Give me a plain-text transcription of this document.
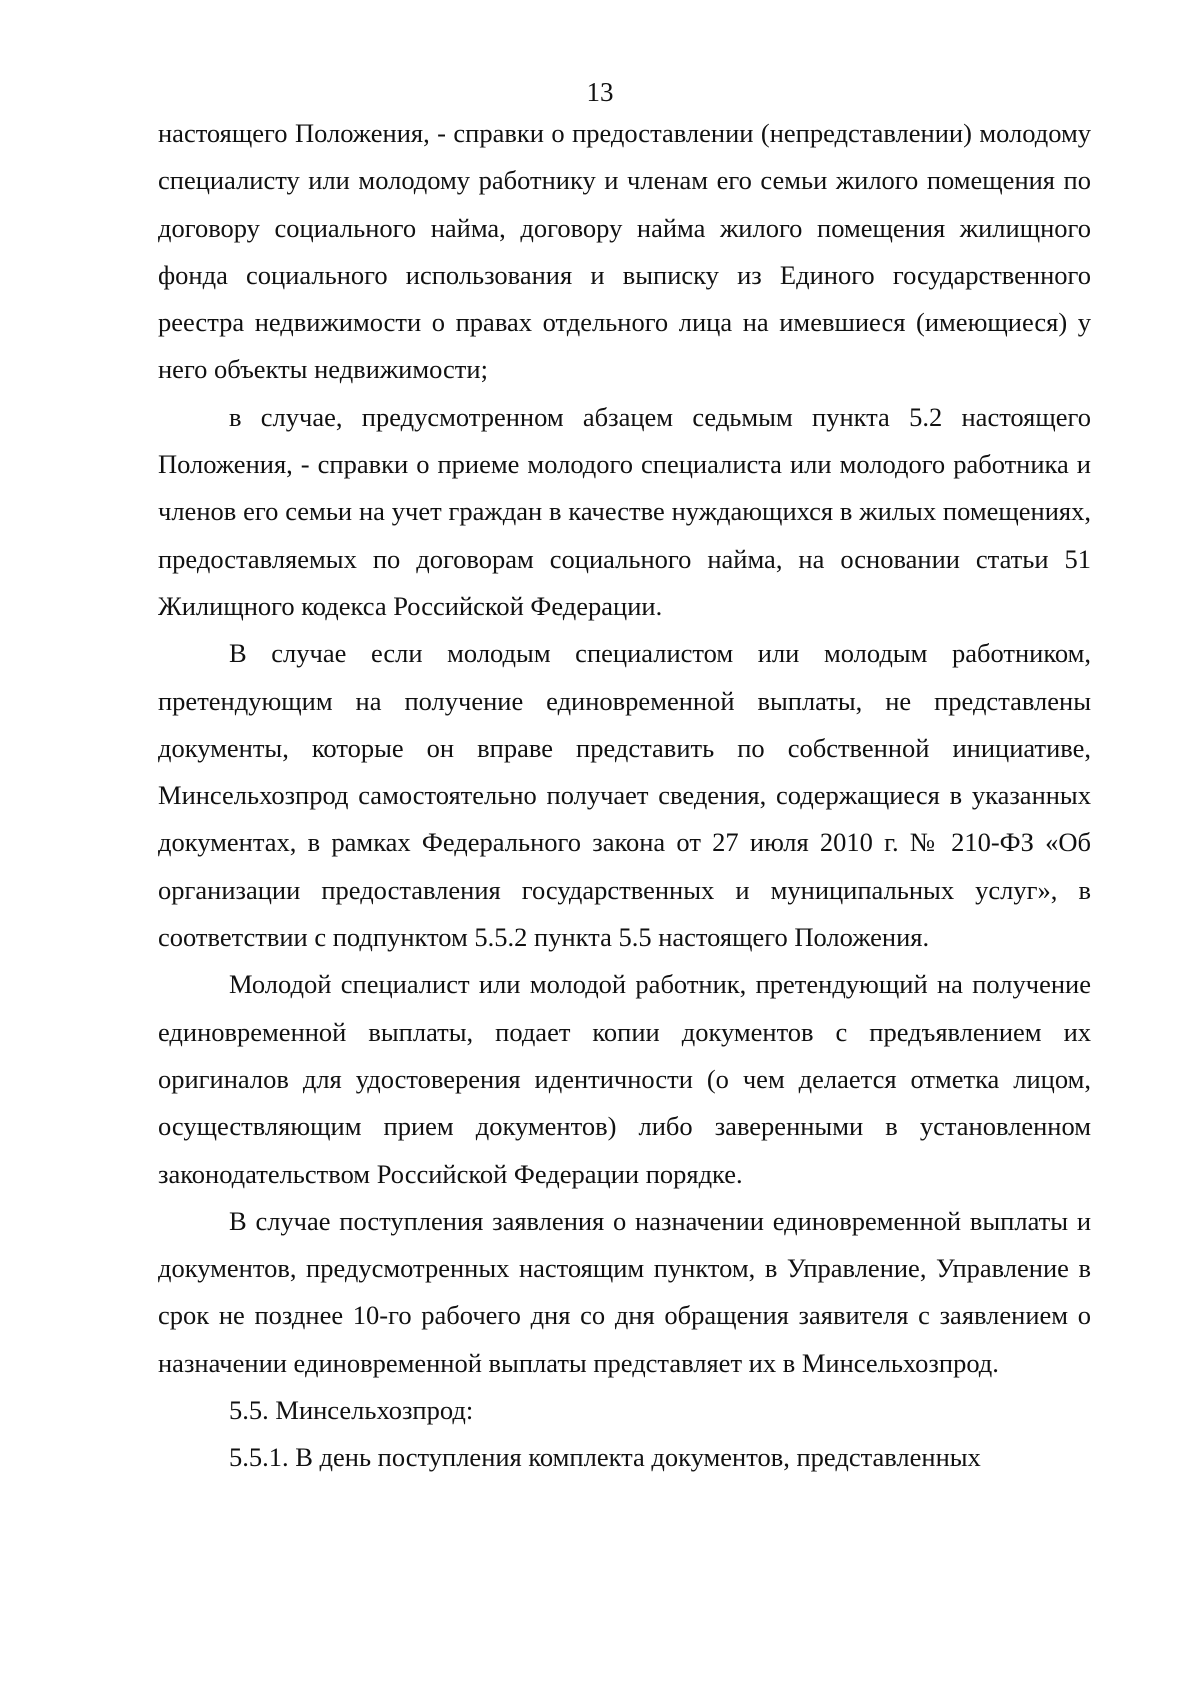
13

настоящего Положения, - справки о предоставлении (непредставлении) молодому специалисту или молодому работнику и членам его семьи жилого помещения по договору социального найма, договору найма жилого помещения жилищного фонда социального использования и выписку из Единого государственного реестра недвижимости о правах отдельного лица на имевшиеся (имеющиеся) у него объекты недвижимости;

в случае, предусмотренном абзацем седьмым пункта 5.2 настоящего Положения, - справки о приеме молодого специалиста или молодого работника и членов его семьи на учет граждан в качестве нуждающихся в жилых помещениях, предоставляемых по договорам социального найма, на основании статьи 51 Жилищного кодекса Российской Федерации.

В случае если молодым специалистом или молодым работником, претендующим на получение единовременной выплаты, не представлены документы, которые он вправе представить по собственной инициативе, Минсельхозпрод самостоятельно получает сведения, содержащиеся в указанных документах, в рамках Федерального закона от 27 июля 2010 г. № 210-ФЗ «Об организации предоставления государственных и муниципальных услуг», в соответствии с подпунктом 5.5.2 пункта 5.5 настоящего Положения.

Молодой специалист или молодой работник, претендующий на получение единовременной выплаты, подает копии документов с предъявлением их оригиналов для удостоверения идентичности (о чем делается отметка лицом, осуществляющим прием документов) либо заверенными в установленном законодательством Российской Федерации порядке.

В случае поступления заявления о назначении единовременной выплаты и документов, предусмотренных настоящим пунктом, в Управление, Управление в срок не позднее 10-го рабочего дня со дня обращения заявителя с заявлением о назначении единовременной выплаты представляет их в Минсельхозпрод.

5.5. Минсельхозпрод:

5.5.1. В день поступления комплекта документов, представленных
